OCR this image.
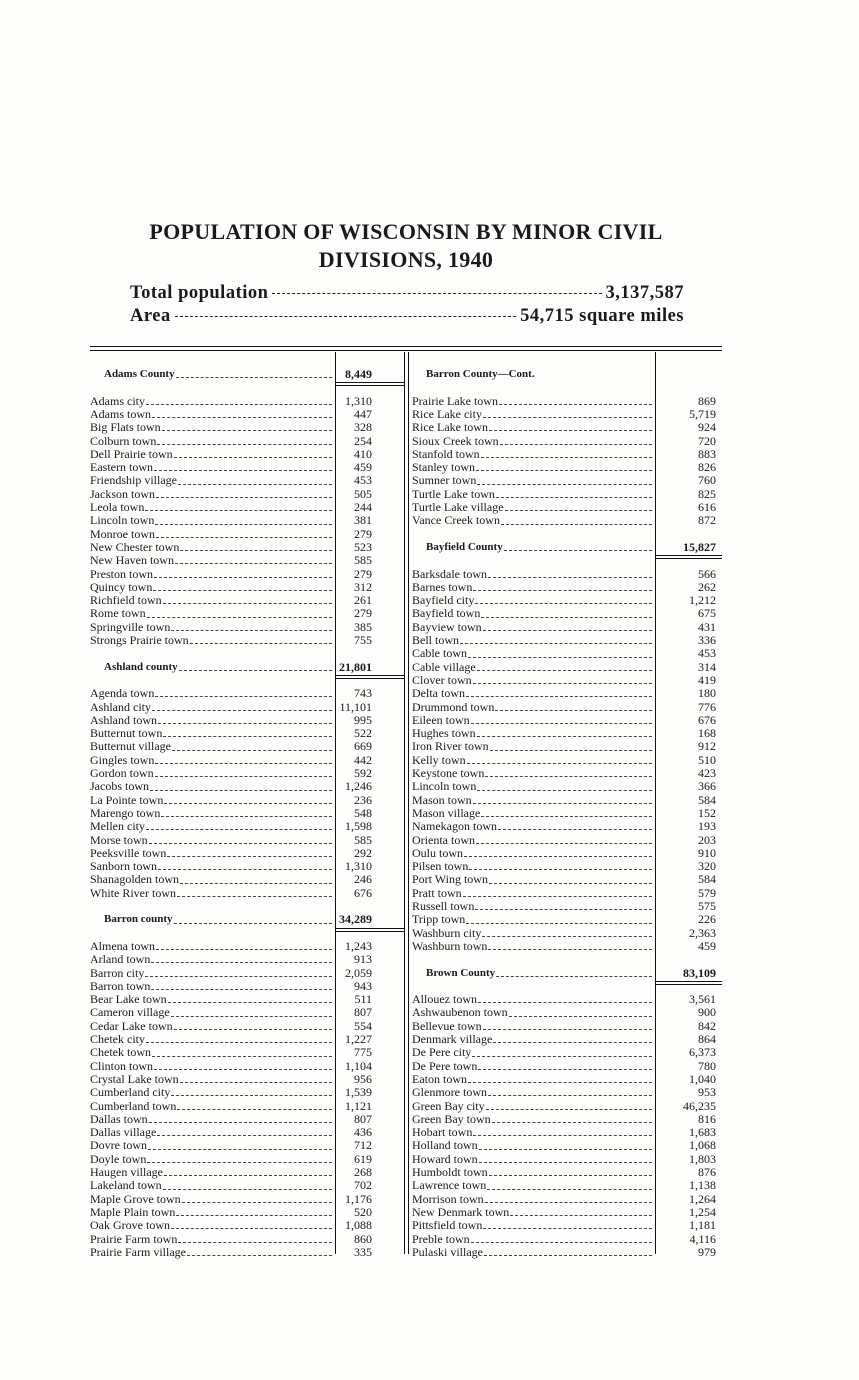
POPULATION OF WISCONSIN BY MINOR CIVIL
DIVISIONS, 1940
Total population	3,137,587
Area	54,715 square miles
Adams County	8,449
Adams city	1,310
Adams town	447
Big Flats town	328
Colburn town	254
Dell Prairie town	410
Eastern town	459
Friendship village	453
Jackson town	505
Leola town	244
Lincoln town	381
Monroe town	279
New Chester town	523
New Haven town	585
Preston town	279
Quincy town	312
Richfield town	261
Rome town	279
Springville town	385
Strongs Prairie town	755
Ashland county	21,801
Agenda town	743
Ashland city	11,101
Ashland town	995
Butternut town	522
Butternut village	669
Gingles town	442
Gordon town	592
Jacobs town	1,246
La Pointe town	236
Marengo town	548
Mellen city	1,598
Morse town	585
Peeksville town	292
Sanborn town	1,310
Shanagolden town	246
White River town	676
Barron county	34,289
Almena town	1,243
Arland town	913
Barron city	2,059
Barron town	943
Bear Lake town	511
Cameron village	807
Cedar Lake town	554
Chetek city	1,227
Chetek town	775
Clinton town	1,104
Crystal Lake town	956
Cumberland city	1,539
Cumberland town	1,121
Dallas town	807
Dallas village	436
Dovre town	712
Doyle town	619
Haugen village	268
Lakeland town	702
Maple Grove town	1,176
Maple Plain town	520
Oak Grove town	1,088
Prairie Farm town	860
Prairie Farm village	335
Barron County—Cont.
Prairie Lake town	869
Rice Lake city	5,719
Rice Lake town	924
Sioux Creek town	720
Stanfold town	883
Stanley town	826
Sumner town	760
Turtle Lake town	825
Turtle Lake village	616
Vance Creek town	872
Bayfield County	15,827
Barksdale town	566
Barnes town	262
Bayfield city	1,212
Bayfield town	675
Bayview town	431
Bell town	336
Cable town	453
Cable village	314
Clover town	419
Delta town	180
Drummond town	776
Eileen town	676
Hughes town	168
Iron River town	912
Kelly town	510
Keystone town	423
Lincoln town	366
Mason town	584
Mason village	152
Namekagon town	193
Orienta town	203
Oulu town	910
Pilsen town	320
Port Wing town	584
Pratt town	579
Russell town	575
Tripp town	226
Washburn city	2,363
Washburn town	459
Brown County	83,109
Allouez town	3,561
Ashwaubenon town	900
Bellevue town	842
Denmark village	864
De Pere city	6,373
De Pere town	780
Eaton town	1,040
Glenmore town	953
Green Bay city	46,235
Green Bay town	816
Hobart town	1,683
Holland town	1,068
Howard town	1,803
Humboldt town	876
Lawrence town	1,138
Morrison town	1,264
New Denmark town	1,254
Pittsfield town	1,181
Preble town	4,116
Pulaski village	979
